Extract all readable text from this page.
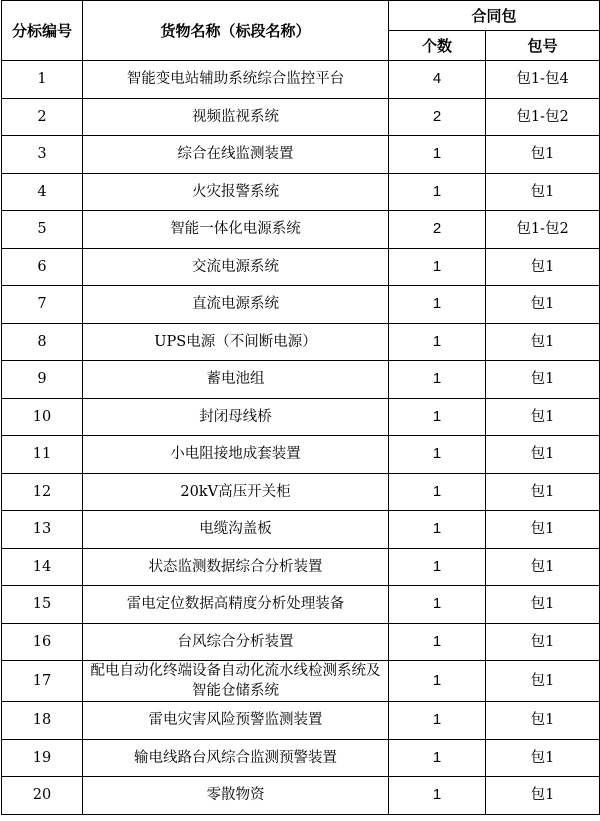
分标编号	货物名称（标段名称）	合同包	
		个数	包号
1	智能变电站辅助系统综合监控平台	4	包1-包4
2	视频监视系统	2	包1-包2
3	综合在线监测装置	1	包1
4	火灾报警系统	1	包1
5	智能一体化电源系统	2	包1-包2
6	交流电源系统	1	包1
7	直流电源系统	1	包1
8	UPS电源（不间断电源）	1	包1
9	蓄电池组	1	包1
10	封闭母线桥	1	包1
11	小电阻接地成套装置	1	包1
12	20kV高压开关柜	1	包1
13	电缆沟盖板	1	包1
14	状态监测数据综合分析装置	1	包1
15	雷电定位数据高精度分析处理装备	1	包1
16	台风综合分析装置	1	包1
17	配电自动化终端设备自动化流水线检测系统及智能仓储系统	1	包1
18	雷电灾害风险预警监测装置	1	包1
19	输电线路台风综合监测预警装置	1	包1
20	零散物资	1	包1
